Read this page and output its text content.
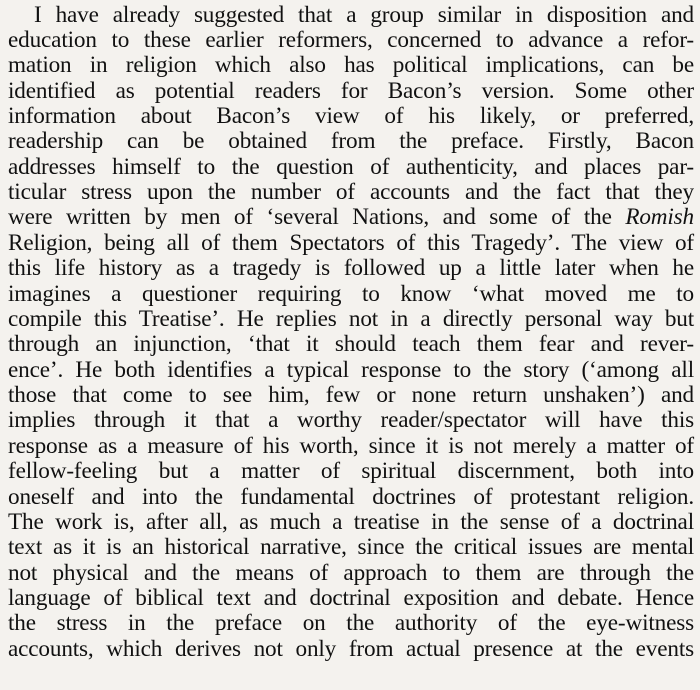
I have already suggested that a group similar in disposition and
education to these earlier reformers, concerned to advance a refor-
mation in religion which also has political implications, can be
identified as potential readers for Bacon’s version. Some other
information about Bacon’s view of his likely, or preferred,
readership can be obtained from the preface. Firstly, Bacon
addresses himself to the question of authenticity, and places par-
ticular stress upon the number of accounts and the fact that they
were written by men of ‘several Nations, and some of the Romish
Religion, being all of them Spectators of this Tragedy’. The view of
this life history as a tragedy is followed up a little later when he
imagines a questioner requiring to know ‘what moved me to
compile this Treatise’. He replies not in a directly personal way but
through an injunction, ‘that it should teach them fear and rever-
ence’. He both identifies a typical response to the story (‘among all
those that come to see him, few or none return unshaken’) and
implies through it that a worthy reader/spectator will have this
response as a measure of his worth, since it is not merely a matter of
fellow-feeling but a matter of spiritual discernment, both into
oneself and into the fundamental doctrines of protestant religion.
The work is, after all, as much a treatise in the sense of a doctrinal
text as it is an historical narrative, since the critical issues are mental
not physical and the means of approach to them are through the
language of biblical text and doctrinal exposition and debate. Hence
the stress in the preface on the authority of the eye-witness
accounts, which derives not only from actual presence at the events
